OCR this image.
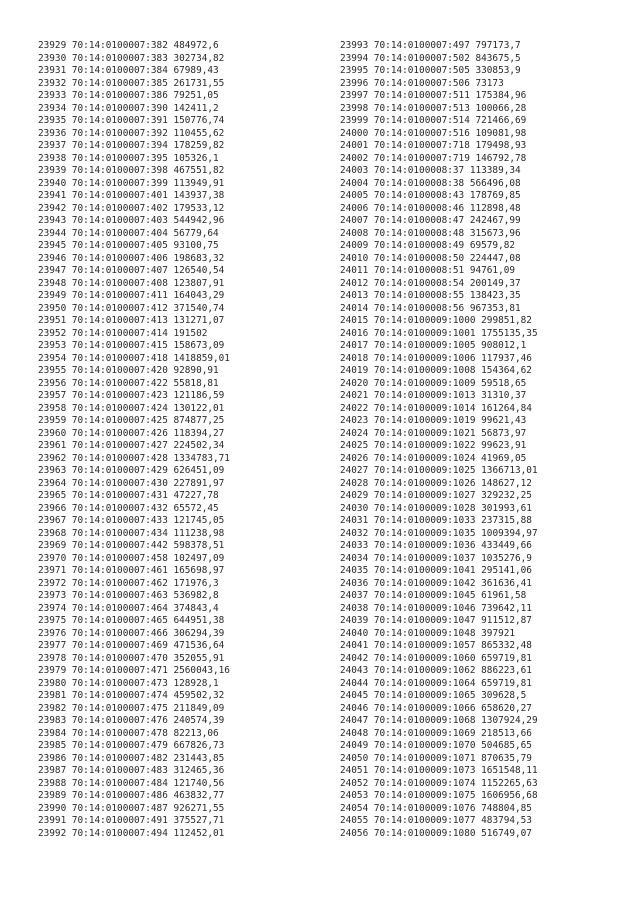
23929 70:14:0100007:382 484972,6
23930 70:14:0100007:383 302734,82
23931 70:14:0100007:384 67989,43
23932 70:14:0100007:385 261731,55
23933 70:14:0100007:386 79251,05
23934 70:14:0100007:390 142411,2
23935 70:14:0100007:391 150776,74
23936 70:14:0100007:392 110455,62
23937 70:14:0100007:394 178259,82
23938 70:14:0100007:395 105326,1
23939 70:14:0100007:398 467551,82
23940 70:14:0100007:399 113949,91
23941 70:14:0100007:401 143937,38
23942 70:14:0100007:402 179533,12
23943 70:14:0100007:403 544942,96
23944 70:14:0100007:404 56779,64
23945 70:14:0100007:405 93100,75
23946 70:14:0100007:406 198683,32
23947 70:14:0100007:407 126540,54
23948 70:14:0100007:408 123807,91
23949 70:14:0100007:411 164043,29
23950 70:14:0100007:412 371540,74
23951 70:14:0100007:413 131271,07
23952 70:14:0100007:414 191502
23953 70:14:0100007:415 158673,09
23954 70:14:0100007:418 1418859,01
23955 70:14:0100007:420 92890,91
23956 70:14:0100007:422 55818,81
23957 70:14:0100007:423 121186,59
23958 70:14:0100007:424 130122,01
23959 70:14:0100007:425 874877,25
23960 70:14:0100007:426 118394,27
23961 70:14:0100007:427 224502,34
23962 70:14:0100007:428 1334783,71
23963 70:14:0100007:429 626451,09
23964 70:14:0100007:430 227891,97
23965 70:14:0100007:431 47227,78
23966 70:14:0100007:432 65572,45
23967 70:14:0100007:433 121745,05
23968 70:14:0100007:434 111238,98
23969 70:14:0100007:442 598378,51
23970 70:14:0100007:458 102497,09
23971 70:14:0100007:461 165698,97
23972 70:14:0100007:462 171976,3
23973 70:14:0100007:463 536982,8
23974 70:14:0100007:464 374843,4
23975 70:14:0100007:465 644951,38
23976 70:14:0100007:466 306294,39
23977 70:14:0100007:469 471536,64
23978 70:14:0100007:470 352055,91
23979 70:14:0100007:471 2560043,16
23980 70:14:0100007:473 128928,1
23981 70:14:0100007:474 459502,32
23982 70:14:0100007:475 211849,09
23983 70:14:0100007:476 240574,39
23984 70:14:0100007:478 82213,06
23985 70:14:0100007:479 667826,73
23986 70:14:0100007:482 231443,85
23987 70:14:0100007:483 312465,36
23988 70:14:0100007:484 121740,56
23989 70:14:0100007:486 463832,77
23990 70:14:0100007:487 926271,55
23991 70:14:0100007:491 375527,71
23992 70:14:0100007:494 112452,01
23993 70:14:0100007:497 797173,7
23994 70:14:0100007:502 843675,5
23995 70:14:0100007:505 330853,9
23996 70:14:0100007:506 73173
23997 70:14:0100007:511 175384,96
23998 70:14:0100007:513 100066,28
23999 70:14:0100007:514 721466,69
24000 70:14:0100007:516 109081,98
24001 70:14:0100007:718 179498,93
24002 70:14:0100007:719 146792,78
24003 70:14:0100008:37 113389,34
24004 70:14:0100008:38 566496,08
24005 70:14:0100008:43 178769,85
24006 70:14:0100008:46 112898,48
24007 70:14:0100008:47 242467,99
24008 70:14:0100008:48 315673,96
24009 70:14:0100008:49 69579,82
24010 70:14:0100008:50 224447,08
24011 70:14:0100008:51 94761,09
24012 70:14:0100008:54 200149,37
24013 70:14:0100008:55 138423,35
24014 70:14:0100008:56 967353,81
24015 70:14:0100009:1000 299851,82
24016 70:14:0100009:1001 1755135,35
24017 70:14:0100009:1005 908012,1
24018 70:14:0100009:1006 117937,46
24019 70:14:0100009:1008 154364,62
24020 70:14:0100009:1009 59518,65
24021 70:14:0100009:1013 31310,37
24022 70:14:0100009:1014 161264,84
24023 70:14:0100009:1019 99621,43
24024 70:14:0100009:1021 56873,97
24025 70:14:0100009:1022 99623,91
24026 70:14:0100009:1024 41969,05
24027 70:14:0100009:1025 1366713,01
24028 70:14:0100009:1026 148627,12
24029 70:14:0100009:1027 329232,25
24030 70:14:0100009:1028 301993,61
24031 70:14:0100009:1033 237315,88
24032 70:14:0100009:1035 1009394,97
24033 70:14:0100009:1036 433449,66
24034 70:14:0100009:1037 1035276,9
24035 70:14:0100009:1041 295141,06
24036 70:14:0100009:1042 361636,41
24037 70:14:0100009:1045 61961,58
24038 70:14:0100009:1046 739642,11
24039 70:14:0100009:1047 911512,87
24040 70:14:0100009:1048 397921
24041 70:14:0100009:1057 865332,48
24042 70:14:0100009:1060 659719,81
24043 70:14:0100009:1062 886223,61
24044 70:14:0100009:1064 659719,81
24045 70:14:0100009:1065 309628,5
24046 70:14:0100009:1066 658620,27
24047 70:14:0100009:1068 1307924,29
24048 70:14:0100009:1069 218513,66
24049 70:14:0100009:1070 504685,65
24050 70:14:0100009:1071 870635,79
24051 70:14:0100009:1073 1651548,11
24052 70:14:0100009:1074 1152265,63
24053 70:14:0100009:1075 1606956,68
24054 70:14:0100009:1076 748804,85
24055 70:14:0100009:1077 483794,53
24056 70:14:0100009:1080 516749,07
